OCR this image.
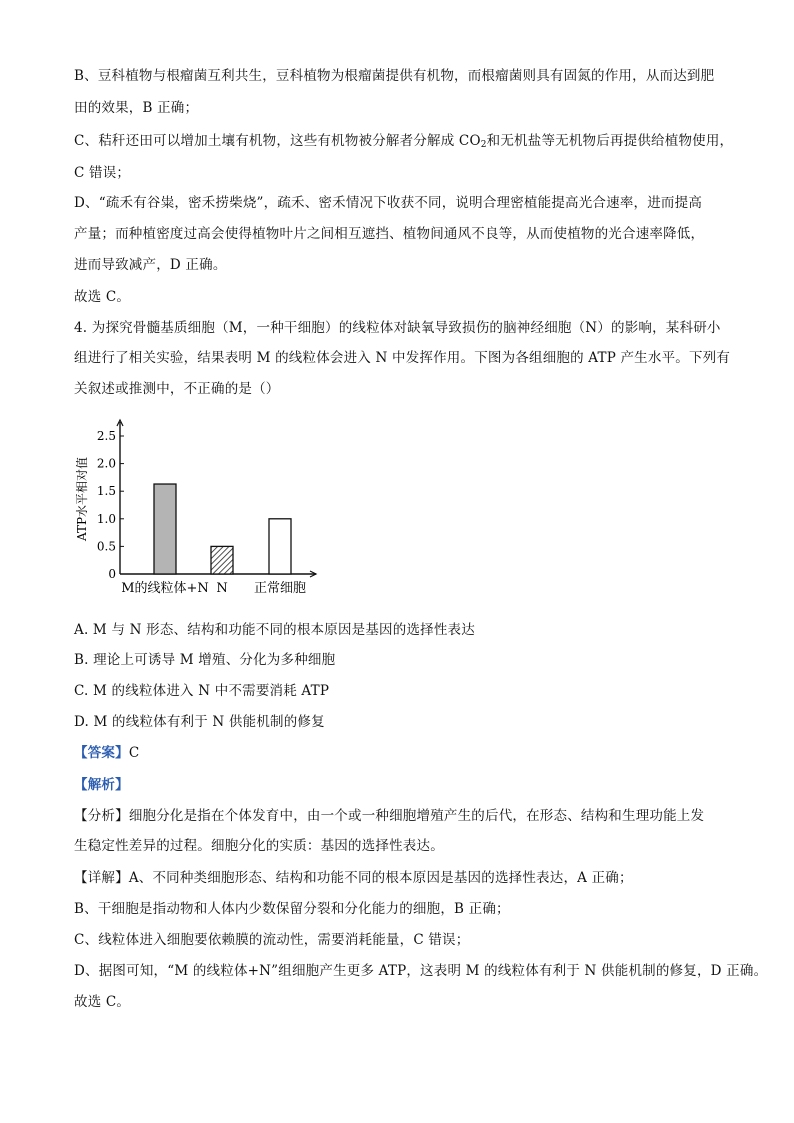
B、豆科植物与根瘤菌互利共生，豆科植物为根瘤菌提供有机物，而根瘤菌则具有固氮的作用，从而达到肥
田的效果，B 正确；
C、秸秆还田可以增加土壤有机物，这些有机物被分解者分解成 $CO_2$和无机盐等无机物后再提供给植物使用，
C 错误；
D、“疏禾有谷粜，密禾捞柴烧”，疏禾、密禾情况下收获不同，说明合理密植能提高光合速率，进而提高
产量；而种植密度过高会使得植物叶片之间相互遮挡、植物间通风不良等，从而使植物的光合速率降低，
进而导致减产，D 正确。
故选 C。
4. 为探究骨髓基质细胞（M，一种干细胞）的线粒体对缺氧导致损伤的脑神经细胞（N）的影响，某科研小
组进行了相关实验，结果表明 M 的线粒体会进入 N 中发挥作用。下图为各组细胞的 ATP 产生水平。下列有
关叙述或推测中，不正确的是（）
ATP水平相对值
0
0.5
1.0
1.5
2.0
2.5
M的线粒体+N N 正常细胞
A. M 与 N 形态、结构和功能不同的根本原因是基因的选择性表达
B. 理论上可诱导 M 增殖、分化为多种细胞
C. M 的线粒体进入 N 中不需要消耗 ATP
D. M 的线粒体有利于 N 供能机制的修复
【答案】C
【解析】
【分析】细胞分化是指在个体发育中，由一个或一种细胞增殖产生的后代，在形态、结构和生理功能上发
生稳定性差异的过程。细胞分化的实质：基因的选择性表达。
【详解】A、不同种类细胞形态、结构和功能不同的根本原因是基因的选择性表达，A 正确；
B、干细胞是指动物和人体内少数保留分裂和分化能力的细胞，B 正确；
C、线粒体进入细胞要依赖膜的流动性，需要消耗能量，C 错误；
D、据图可知，“M 的线粒体+N”组细胞产生更多 ATP，这表明 M 的线粒体有利于 N 供能机制的修复，D 正确。
故选 C。
